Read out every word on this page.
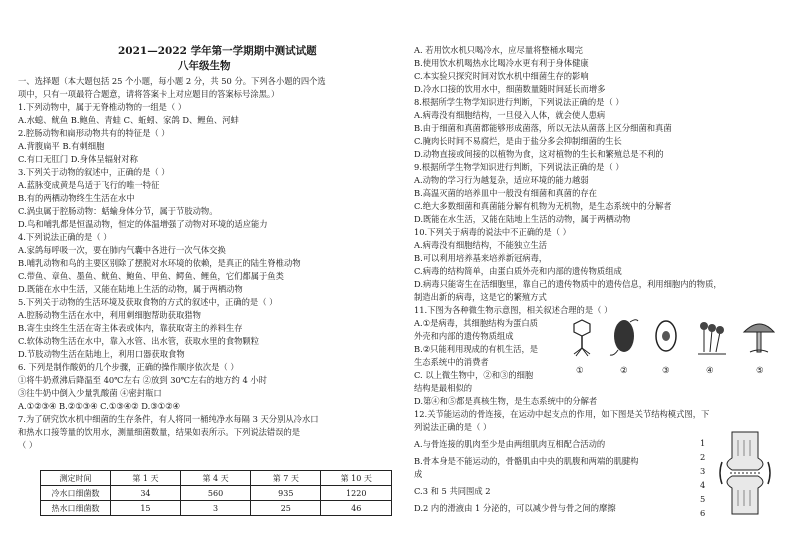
2021—2022 学年第一学期期中测试试题
八年级生物
一、选择题（本大题包括 25 个小题，每小题 2 分，共 50 分。下列各小题的四个选
项中，只有一项最符合题意，请将答案卡上对应题目的答案标号涂黑。）
1.下列动物中，属于无脊椎动物的一组是（ ）
A.水螅、鱿鱼 B.鲍鱼、青蛙 C、蚯蚓、家鸽 D、鲤鱼、河蚌
2.腔肠动物和扁形动物共有的特征是（ ）
A.背腹扁平 B.有刺细胞
C.有口无肛门 D.身体呈辐射对称
3.下列关于动物的叙述中，正确的是（ ）
A.蓝脉变成黄是鸟适于飞行的唯一特征
B.有的两栖动物终生生活在水中
C.涡虫属于腔肠动物：蛞蝓身体分节，属于节肢动物。
D.鸟和哺乳都是恒温动物，恒定的体温增强了动物对环境的适应能力
4.下列说法正确的是（ ）
A.家鸽每呼吸一次，要在肺内气囊中各进行一次气体交换
B.哺乳动物和鸟的主要区别除了摆脱对水环境的依赖，是真正的陆生脊椎动物
C.带鱼、章鱼、墨鱼、鱿鱼、鲍鱼、甲鱼、鳄鱼、鲤鱼，它们都属于鱼类
D.既能在水中生活，又能在陆地上生活的动物，属于两栖动物
5.下列关于动物的生活环境及获取食物的方式的叙述中，正确的是（ ）
A.腔肠动物生活在水中，利用刺细胞帮助获取猎物
B.寄生虫终生生活在寄主体表或体内，靠获取寄主的养料生存
C.软体动物生活在水中，靠入水管、出水管，获取水里的食物颗粒
D.节肢动物生活在陆地上，利用口器获取食物
6. 下列是制作酸奶的几个步骤，正确的操作顺序依次是（ ）
①将牛奶煮沸后降温至 40℃左右 ②放到 30℃左右的地方约 4 小时
③往牛奶中倒入少量乳酸菌 ④密封瓶口
A.①②③④ B.②①③④ C.①③④② D.③①②④
7.为了研究饮水机中细菌的生存条件，有人将同一桶纯净水每隔 3 天分别从冷水口
和热水口接等量的饮用水，测量细菌数量，结果如表所示。下列说法错误的是
（ ）
测定时间	第 1 天	第 4 天	第 7 天	第 10 天
冷水口细菌数	34	560	935	1220
热水口细菌数	15	3	25	46
A. 若用饮水机只喝冷水，应尽量将整桶水喝完
B.使用饮水机喝热水比喝冷水更有利于身体健康
C.本实验只探究时间对饮水机中细菌生存的影响
D.冷水口接的饮用水中，细菌数量随时间延长而增多
8.根据所学生物学知识进行判断，下列说法正确的是（ ）
A.病毒没有细胞结构，一旦侵入人体，就会使人患病
B.由于细菌和真菌都能够形成菌落，所以无法从菌落上区分细菌和真菌
C.腌肉长时间不易腐烂，是由于盐分多会抑制细菌的生长
D.动物直接或间接的以植物为食，这对植物的生长和繁殖总是不利的
9.根据所学生物学知识进行判断，下列说法正确的是（ ）
A.动物的学习行为越复杂，适应环境的能力越弱
B.高温灭菌的培养皿中一般没有细菌和真菌的存在
C.绝大多数细菌和真菌能分解有机物为无机物，是生态系统中的分解者
D.既能在水生活，又能在陆地上生活的动物，属于两栖动物
10.下列关于病毒的说法中不正确的是（ ）
A.病毒没有细胞结构，不能独立生活
B.可以利用培养基来培养新冠病毒，
C.病毒的结构简单，由蛋白质外壳和内部的遗传物质组成
D.病毒只能寄生在活细胞里，靠自己的遗传物质中的遗传信息，利用细胞内的物质，
制造出新的病毒，这是它的繁殖方式
11.下图为各种微生物示意图，相关叙述合理的是（ ）
A.①是病毒，其细胞结构为蛋白质
外壳和内部的遗传物质组成
B.②只能利用现成的有机生活，是
生态系统中的消费者
C. 以上微生物中，②和③的细胞
结构是最相似的
D.第④和⑤都是真核生物，是生态系统中的分解者
12.关节能运动的骨连接，在运动中起支点的作用，如下图是关节结构模式图，下
列说法正确的是（ ）
A.与骨连接的肌肉至少是由两组肌肉互相配合活动的
B.骨本身是不能运动的，骨骼肌由中央的肌腹和两端的肌腱构
成
C.3 和 5 共同围成 2
D.2 内的滑液由 1 分泌的，可以减少骨与骨之间的摩擦
①	②	③	④	⑤
1
2
3
4
5
6
